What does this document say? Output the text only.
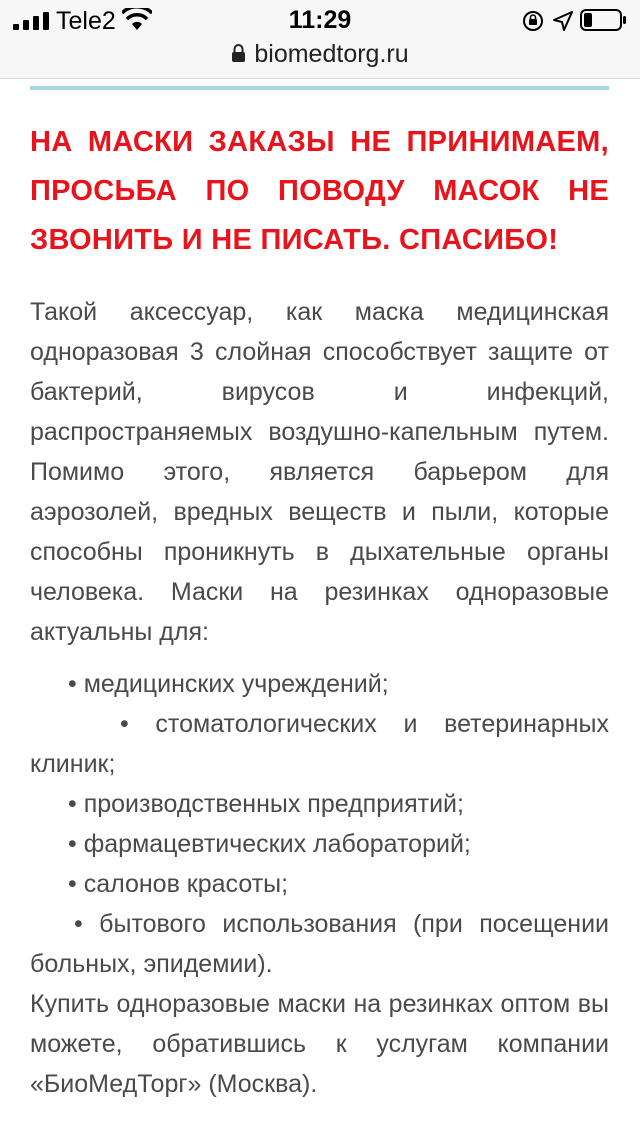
Tele2	11:29
biomedtorg.ru

НА МАСКИ ЗАКАЗЫ НЕ ПРИНИМАЕМ, ПРОСЬБА ПО ПОВОДУ МАСОК НЕ ЗВОНИТЬ И НЕ ПИСАТЬ. СПАСИБО!

Такой аксессуар, как маска медицинская одноразовая 3 слойная способствует защите от бактерий, вирусов и инфекций, распространяемых воздушно-капельным путем. Помимо этого, является барьером для аэрозолей, вредных веществ и пыли, которые способны проникнуть в дыхательные органы человека. Маски на резинках одноразовые актуальны для:

• медицинских учреждений;
• стоматологических и ветеринарных клиник;
• производственных предприятий;
• фармацевтических лабораторий;
• салонов красоты;
• бытового использования (при посещении больных, эпидемии).

Купить одноразовые маски на резинках оптом вы можете, обратившись к услугам компании «БиоМедТорг» (Москва).
